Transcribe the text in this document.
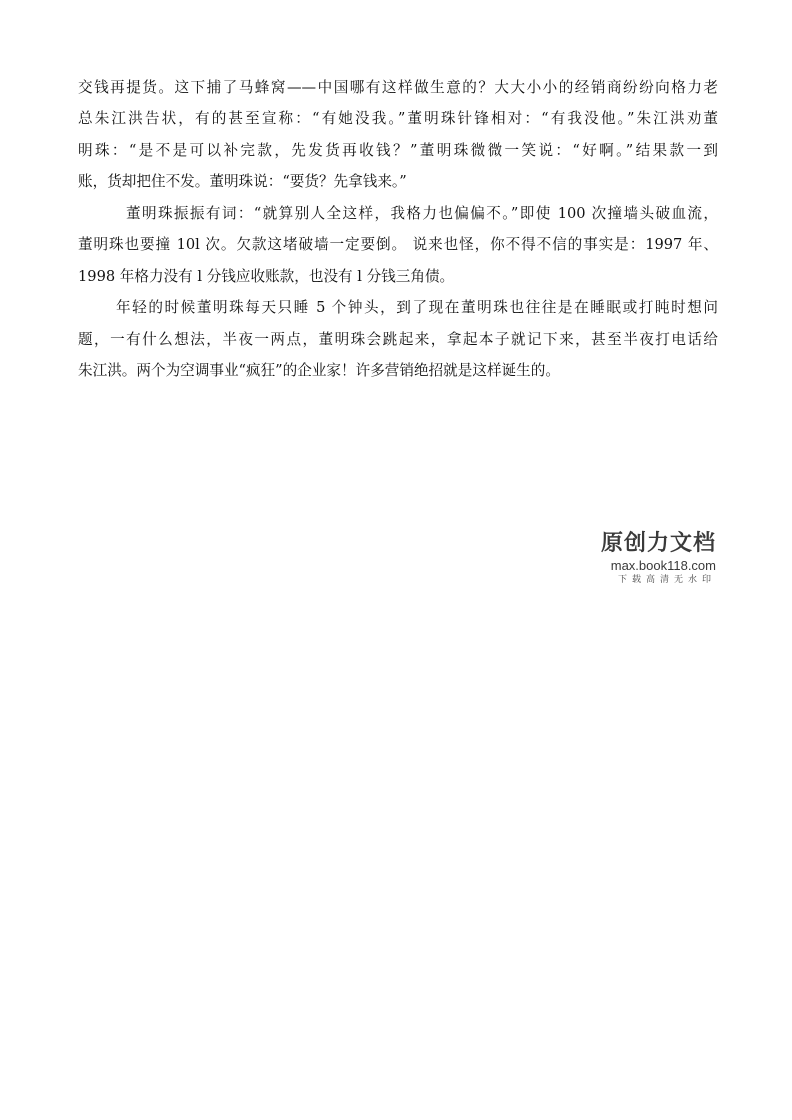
交钱再提货。这下捕了马蜂窝——中国哪有这样做生意的？大大小小的经销商纷纷向格力老
总朱江洪告状，有的甚至宣称：“有她没我。”董明珠针锋相对：“有我没他。”朱江洪劝董
明珠：“是不是可以补完款，先发货再收钱？”董明珠微微一笑说：“好啊。”结果款一到
账，货却把住不发。董明珠说：“要货？先拿钱来。”
董明珠振振有词：“就算别人全这样，我格力也偏偏不。”即使 100 次撞墙头破血流，
董明珠也要撞 10l 次。欠款这堵破墙一定要倒。 说来也怪，你不得不信的事实是：1997 年、
1998 年格力没有 l 分钱应收账款，也没有 l 分钱三角债。
年轻的时候董明珠每天只睡 5 个钟头，到了现在董明珠也往往是在睡眠或打盹时想问
题，一有什么想法，半夜一两点，董明珠会跳起来，拿起本子就记下来，甚至半夜打电话给
朱江洪。两个为空调事业“疯狂”的企业家！许多营销绝招就是这样诞生的。
原创力文档
max.book118.com
下载高清无水印
